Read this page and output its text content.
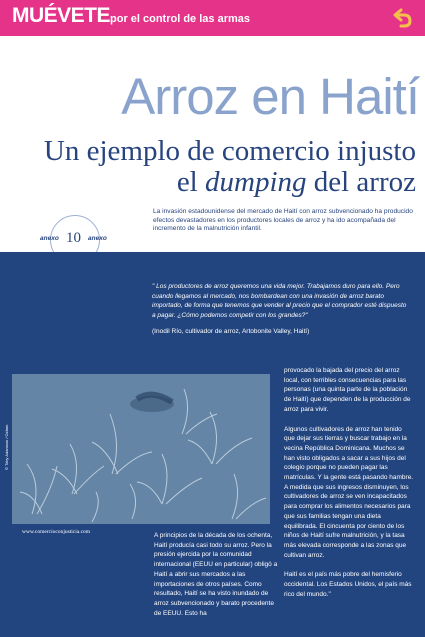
MUÉVETE por el control de las armas
Arroz en Haití
Un ejemplo de comercio injusto
el dumping del arroz
anexo 10 anexo
La invasión estadounidense del mercado de Haití con arroz subvencionado ha producido efectos devastadores en los productores locales de arroz y ha ido acompañada del incremento de la malnutrición infantil.
" Los productores de arroz queremos una vida mejor. Trabajamos duro para ello. Pero cuando llegamos al mercado, nos bombardean con una invasión de arroz barato importado, de forma que tenemos que vender al precio que el comprador esté dispuesto a pagar. ¿Cómo podemos competir con los grandes?"
(Inodil Río, cultivador de arroz, Artobonite Valley, Haití)
© Toby Adamson / Oxfam
www.comercioconjusticia.com	A principios de la década de los ochenta, Haití producía casi todo su arroz. Pero la presión ejercida por la comunidad internacional (EEUU en particular) obligó a Haití a abrir sus mercados a las importaciones de otros países. Como resultado, Haití se ha visto inundado de arroz subvencionado y barato procedente de EEUU. Esto ha

provocado la bajada del precio del arroz local, con terribles consecuencias para las personas (una quinta parte de la población de Haití) que dependen de la producción de arroz para vivir.

Algunos cultivadores de arroz han tenido que dejar sus tierras y buscar trabajo en la vecina República Dominicana. Muchos se han visto obligados a sacar a sus hijos del colegio porque no pueden pagar las matrículas. Y la gente está pasando hambre. A medida que sus ingresos disminuyen, los cultivadores de arroz se ven incapacitados para comprar los alimentos necesarios para que sus familias tengan una dieta equilibrada. El cincuenta por ciento de los niños de Haití sufre malnutrición, y la tasa más elevada corresponde a las zonas que cultivan arroz.

Haití es el país más pobre del hemisferio occidental. Los Estados Unidos, el país más rico del mundo."
